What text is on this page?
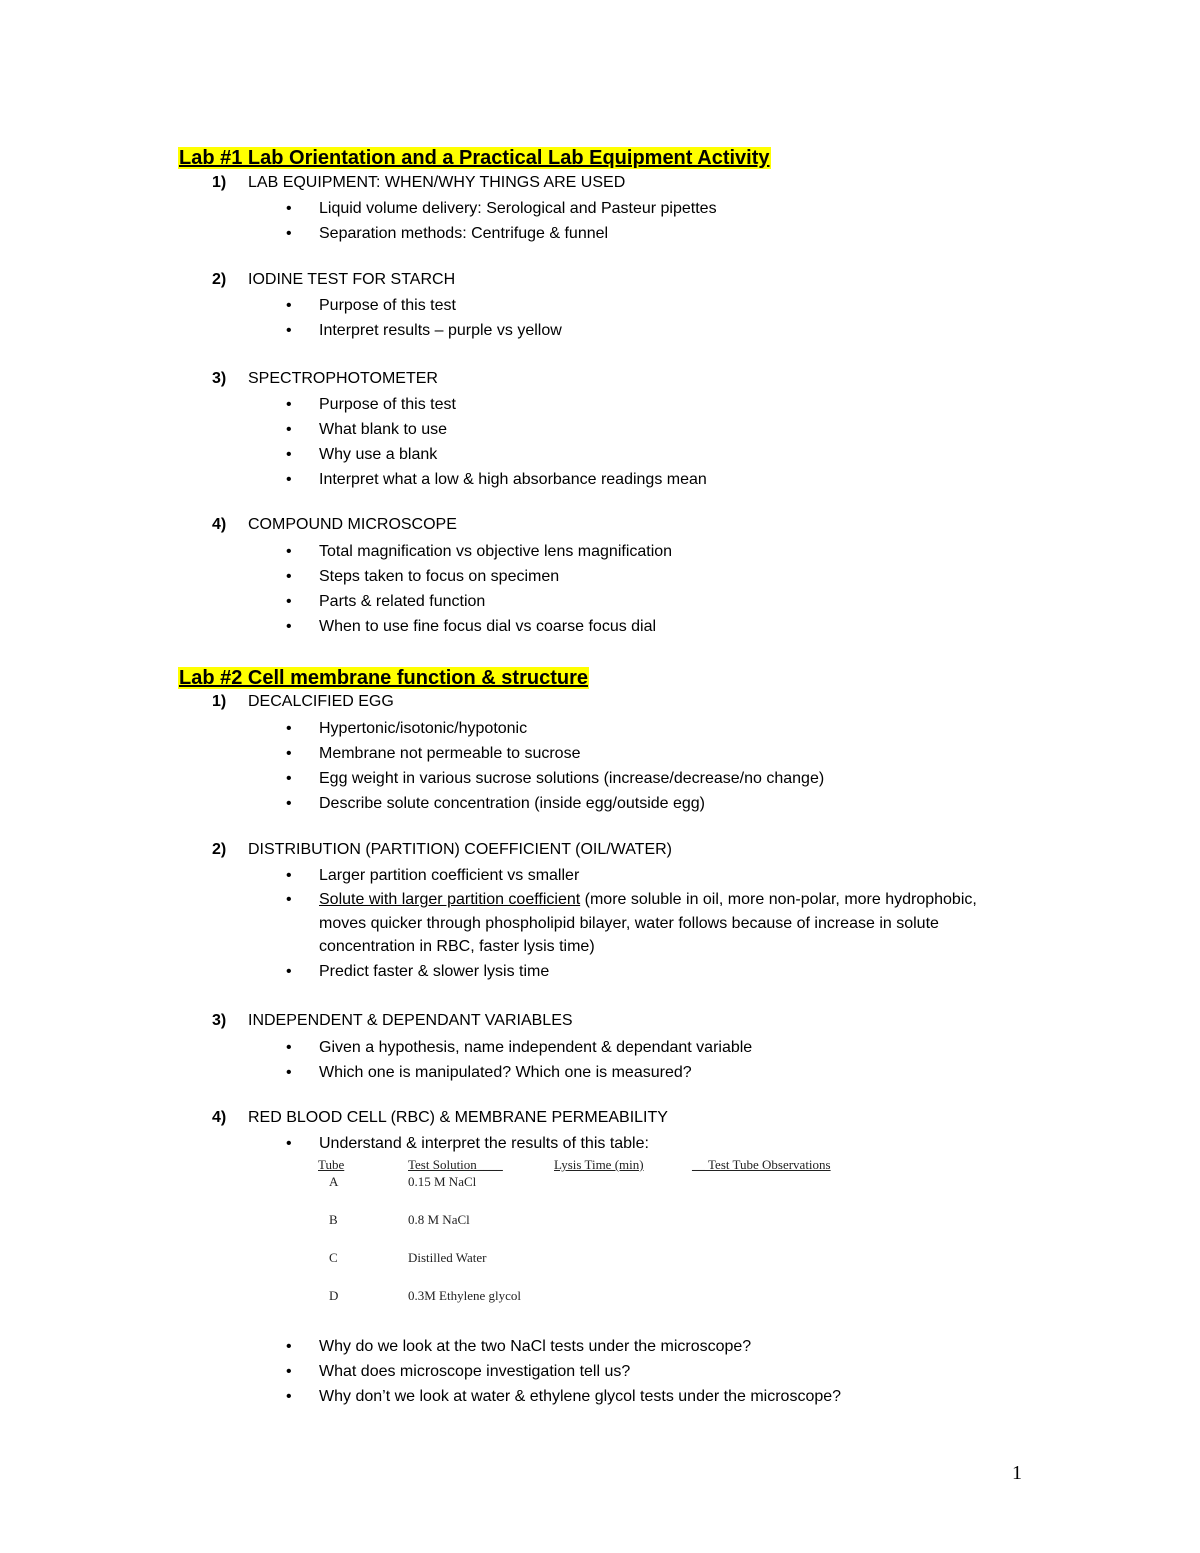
Lab #1 Lab Orientation and a Practical Lab Equipment Activity
1) LAB EQUIPMENT: WHEN/WHY THINGS ARE USED
• Liquid volume delivery: Serological and Pasteur pipettes
• Separation methods: Centrifuge & funnel
2) IODINE TEST FOR STARCH
• Purpose of this test
• Interpret results – purple vs yellow
3) SPECTROPHOTOMETER
• Purpose of this test
• What blank to use
• Why use a blank
• Interpret what a low & high absorbance readings mean
4) COMPOUND MICROSCOPE
• Total magnification vs objective lens magnification
• Steps taken to focus on specimen
• Parts & related function
• When to use fine focus dial vs coarse focus dial
Lab #2 Cell membrane function & structure
1) DECALCIFIED EGG
• Hypertonic/isotonic/hypotonic
• Membrane not permeable to sucrose
• Egg weight in various sucrose solutions (increase/decrease/no change)
• Describe solute concentration (inside egg/outside egg)
2) DISTRIBUTION (PARTITION) COEFFICIENT (OIL/WATER)
• Larger partition coefficient vs smaller
• Solute with larger partition coefficient (more soluble in oil, more non-polar, more hydrophobic, moves quicker through phospholipid bilayer, water follows because of increase in solute concentration in RBC, faster lysis time)
• Predict faster & slower lysis time
3) INDEPENDENT & DEPENDANT VARIABLES
• Given a hypothesis, name independent & dependant variable
• Which one is manipulated? Which one is measured?
4) RED BLOOD CELL (RBC) & MEMBRANE PERMEABILITY
• Understand & interpret the results of this table:
Tube	Test Solution____	Lysis Time (min)	__ Test Tube Observations
A	0.15 M NaCl		
B	0.8 M NaCl		
C	Distilled Water		
D	0.3M Ethylene glycol		
• Why do we look at the two NaCl tests under the microscope?
• What does microscope investigation tell us?
• Why don’t we look at water & ethylene glycol tests under the microscope?
1
